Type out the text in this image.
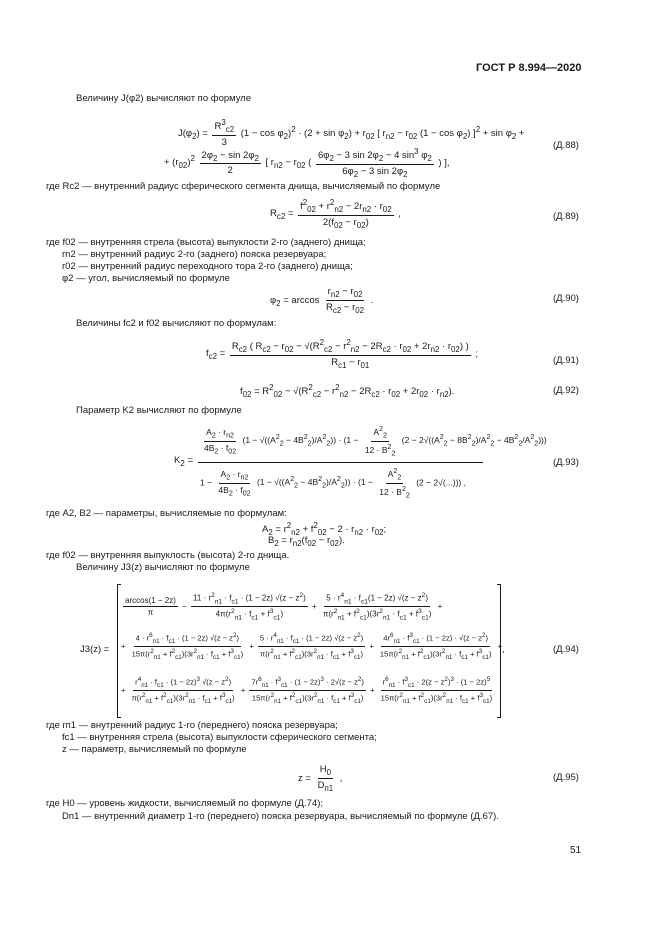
ГОСТ Р 8.994—2020
Величину J(φ2) вычисляют по формуле
$J(\varphi_2) = \frac{R^3_{c2}}{3} (1 - \cos \varphi_2)^2 \cdot (2 + \sin \varphi_2) + r_{02}$ [ $r_{n2} - r_{02}$ $(1 - \cos \varphi_2)$ ]$^2 + \sin \varphi_2$ +
+ $(r_{02})^2 \frac{2\varphi_2 - \sin 2\varphi_2}{2}$ [ $r_{n2} - r_{02}$ ( $\frac{6\varphi_2 - 3 \sin 2\varphi_2 - 4 \sin^3 \varphi_2}{6\varphi_2 - 3 \sin 2\varphi_2}$ ) ],
(Д.88)
где Rc2 — внутренний радиус сферического сегмента днища, вычисляемый по формуле
$R_{c2} = \frac{f^2_{02} + r^2_{n2} - 2r_{n2} \cdot r_{02}}{2(f_{02} - r_{02})}$ ,	(Д.89)
где f02 — внутренняя стрела (высота) выпуклости 2-го (заднего) днища;
rn2 — внутренний радиус 2-го (заднего) пояска резервуара;
r02 — внутренний радиус переходного тора 2-го (заднего) днища;
φ2 — угол, вычисляемый по формуле
$\varphi_2 = \arccos \frac{r_{n2} - r_{02}}{R_{c2} - r_{02}}$ .	(Д.90)
Величины fc2 и f02 вычисляют по формулам:
$f_{c2} = \frac{R_{c2} ( R_{c2} - r_{02} - √(R^2_{c2} - r^2_{n2} - 2R_{c2} \cdot r_{02} + 2r_{n2} \cdot r_{02}) )}{R_{c1} - r_{01}}$ ;
(Д.91)
$f_{02} = R^2_{02} - √(R^2_{c2} - r^2_{n2} - 2R_{c2} \cdot r_{02} + 2r_{02} \cdot r_{n2})$.	(Д.92)
Параметр K2 вычисляют по формуле
$K_2$ =
$\frac{A_2 \cdot r_{n2}}{4B_2 \cdot f_{02}} (1 - √((A^2_2 - 4B^2_2)/A^2_2)) \cdot (1 - \frac{A^2_2}{12 \cdot B^2_2} (2 - 2√((A^2_2 - 8B^2_2)/A^2_2 - 4B^2_2/A^2_2)))$
$1 - \frac{A_2 \cdot r_{n2}}{4B_2 \cdot f_{02}} (1 - √((A^2_2 - 4B^2_2)/A^2_2)) \cdot (1 - \frac{A^2_2}{12 \cdot B^2_2} (2 - 2√(...)))$ ,
(Д.93)
где A2, B2 — параметры, вычисляемые по формулам:
$A_2 = r^2_{n2} + f^2_{02} - 2 \cdot r_{n2} \cdot r_{02}$;
$B_2 = r_{n2}(f_{02} - r_{02})$.
где f02 — внутренняя выпуклость (высота) 2-го днища.
Величину J3(z) вычисляют по формуле
J3(z) =
$\frac{\arccos(1 - 2z)}{\pi} - \frac{11 \cdot r^2_{п1} \cdot f_{c1} \cdot (1 - 2z) √(z - z^2)}{4\pi(r^2_{п1} \cdot f_{c1} + f^3_{c1})} + \frac{5 \cdot r^4_{п1} \cdot f_{c1}(1 - 2z) √(z - z^2)}{\pi(r^2_{п1} + f^2_{c1})(3r^2_{п1} \cdot f_{c1} + f^3_{c1})}$ +
+ $\frac{4 \cdot r^6_{п1} \cdot f_{c1} \cdot (1 - 2z) √(z - z^2)}{15\pi(r^2_{п1} + f^2_{c1})(3r^2_{п1} \cdot f_{c1} + f^3_{c1})} + \frac{5 \cdot r^4_{п1} \cdot f_{c1} \cdot (1 - 2z) √(z - z^2)}{\pi(r^2_{п1} + f^2_{c1})(3r^2_{п1} \cdot f_{c1} + f^3_{c1})} + \frac{4r^6_{п1} \cdot f^3_{c1} \cdot (1 - 2z) \cdot √(z - z^2)}{15\pi(r^2_{п1} + f^2_{c1})(3r^2_{п1} \cdot f_{c1} + f^3_{c1})}$ +
+ $\frac{r^4_{п1} \cdot f_{c1} \cdot (1 - 2z)^3 √(z - z^2)}{\pi(r^2_{п1} + f^2_{c1})(3r^2_{п1} \cdot f_{c1} + f^3_{c1})} + \frac{7r^6_{п1} \cdot f^3_{c1} \cdot (1 - 2z)^3 \cdot 2√(z - z^2)}{15\pi(r^2_{п1} + f^2_{c1})(3r^2_{п1} \cdot f_{c1} + f^3_{c1})} + \frac{r^6_{п1} \cdot f^3_{c1} \cdot 2(z - z^2)^3 \cdot (1 - 2z)^5}{15\pi(r^2_{п1} + f^2_{c1})(3r^2_{п1} \cdot f_{c1} + f^3_{c1})}$
,	(Д.94)
где rп1 — внутренний радиус 1-го (переднего) пояска резервуара;
fc1 — внутренняя стрела (высота) выпуклости сферического сегмента;
z — параметр, вычисляемый по формуле
$z = \frac{H_0}{D_{п1}}$ ,	(Д.95)
где H0 — уровень жидкости, вычисляемый по формуле (Д.74);
Dп1 — внутренний диаметр 1-го (переднего) пояска резервуара, вычисляемый по формуле (Д.67).
51
